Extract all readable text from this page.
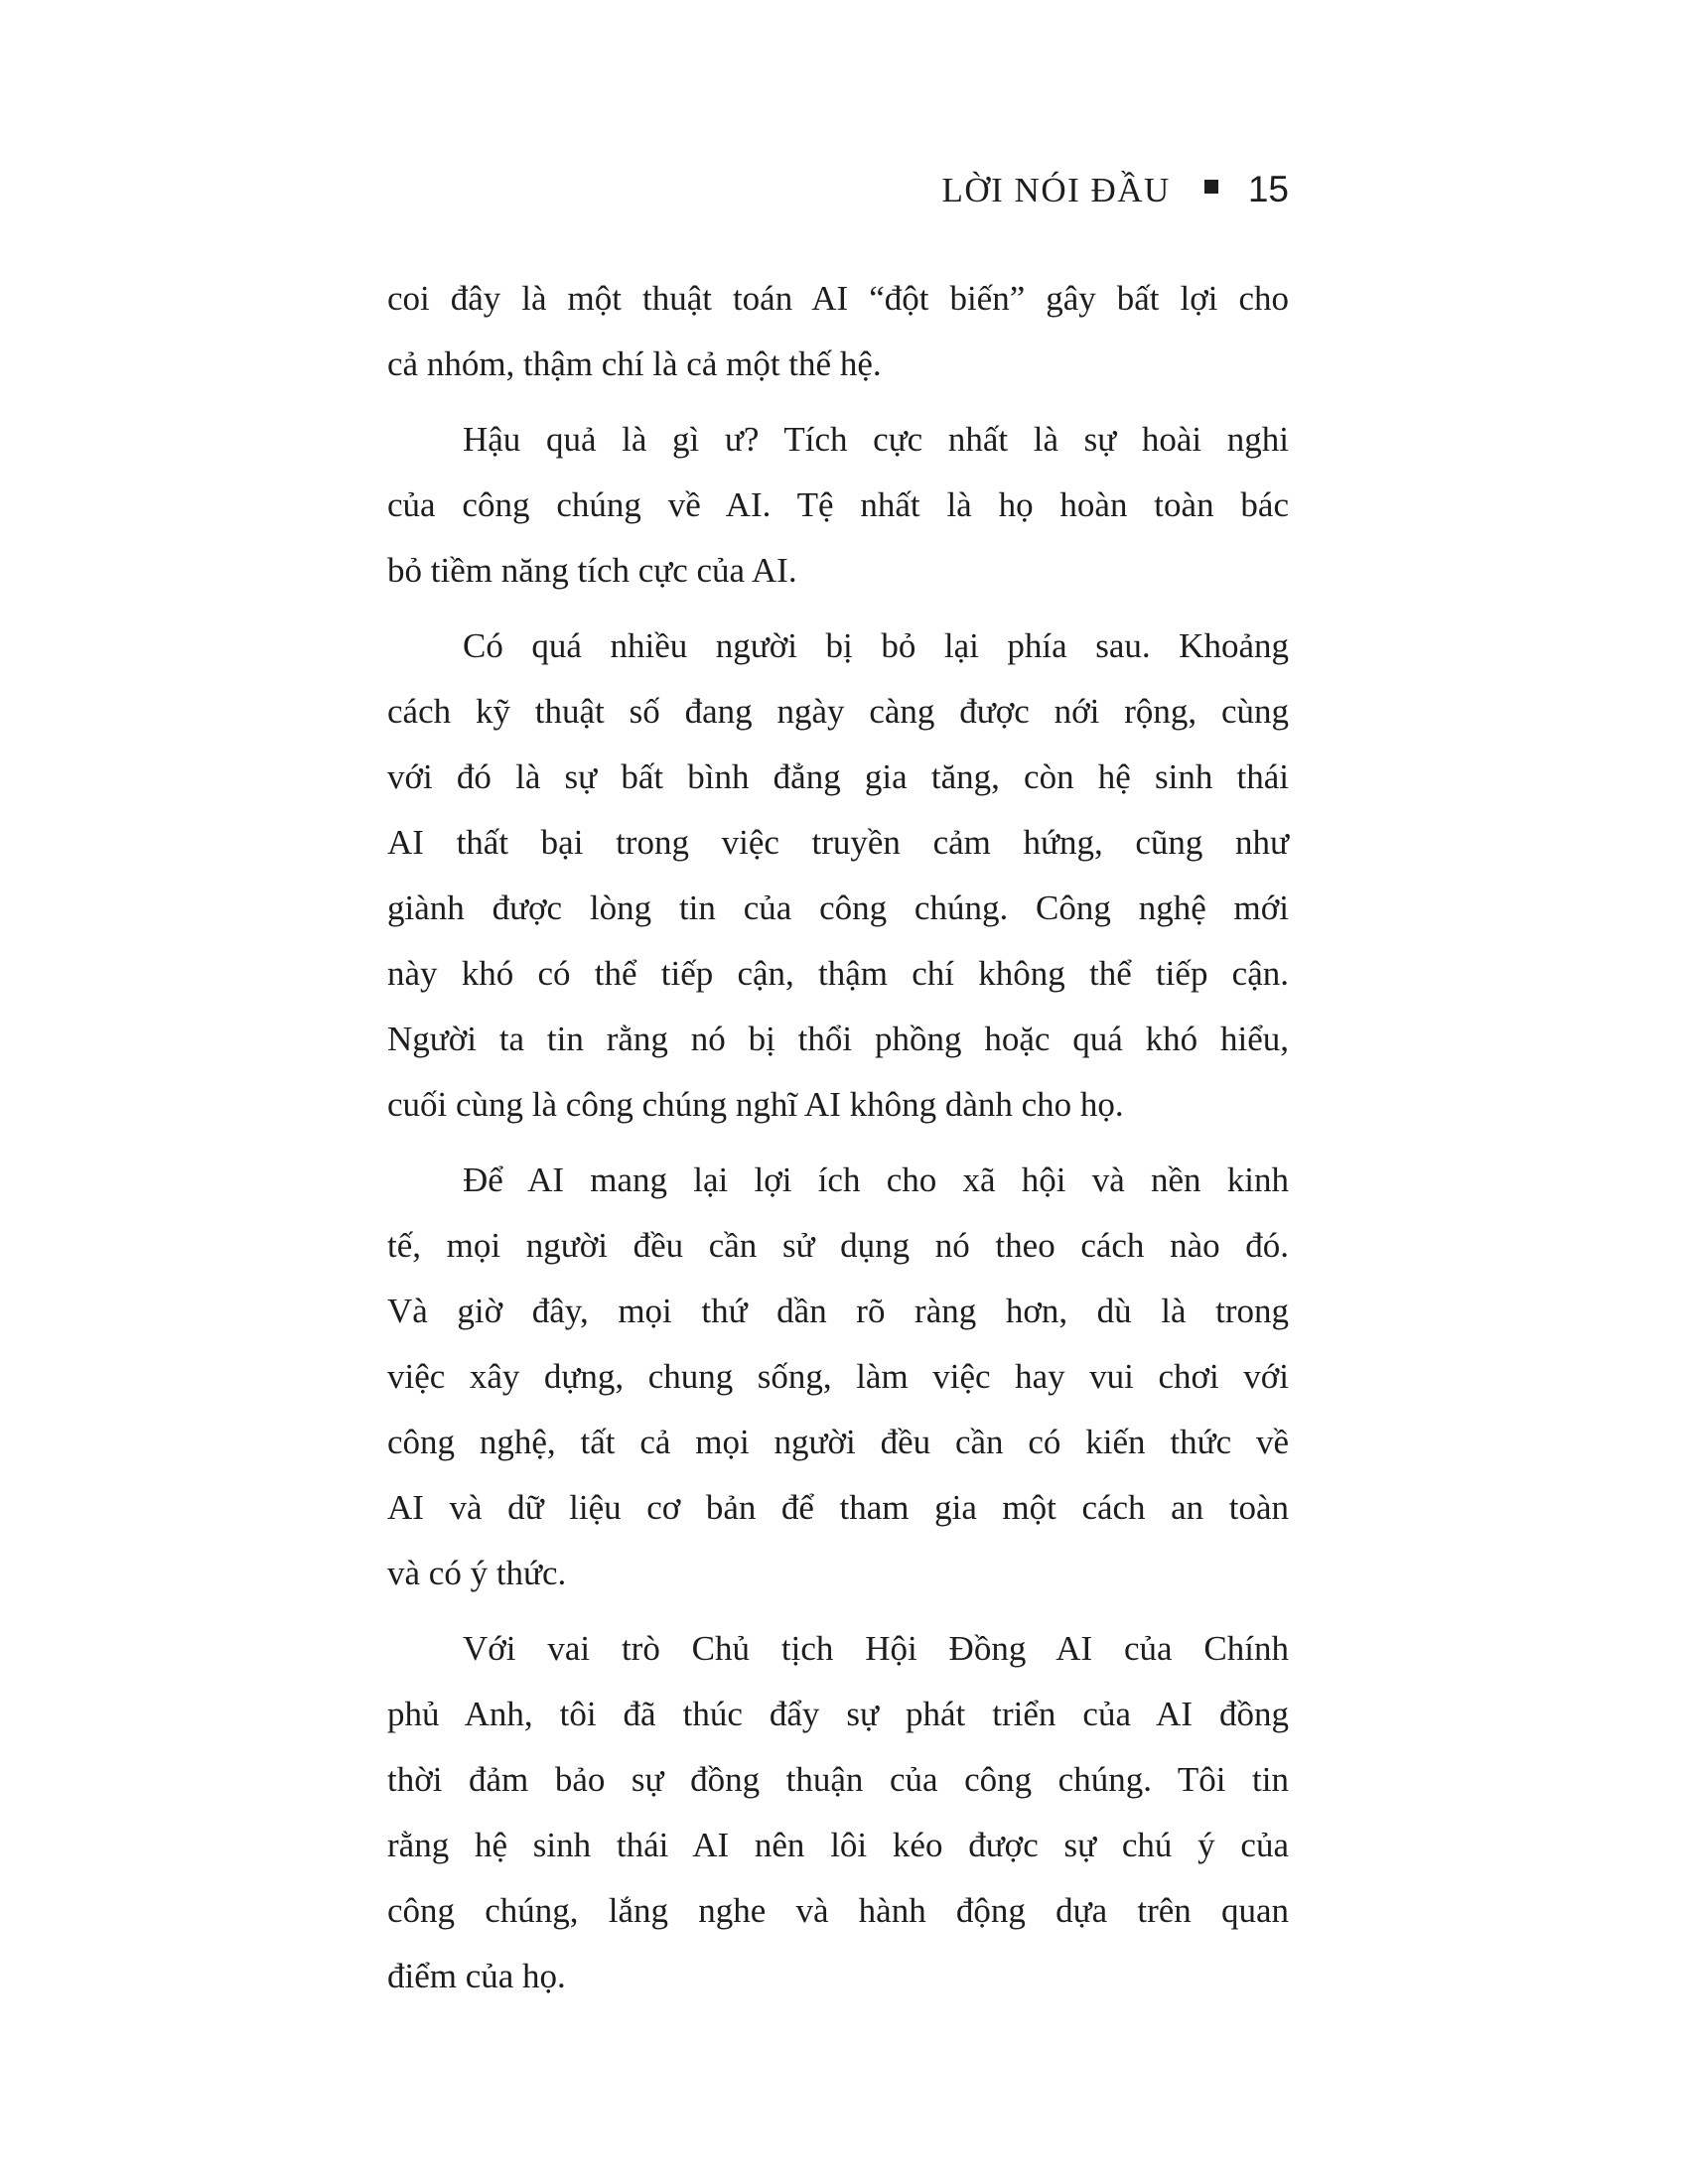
LỜI NÓI ĐẦU 15
coi đây là một thuật toán AI “đột biến” gây bất lợi cho
cả nhóm, thậm chí là cả một thế hệ.
Hậu quả là gì ư? Tích cực nhất là sự hoài nghi
của công chúng về AI. Tệ nhất là họ hoàn toàn bác
bỏ tiềm năng tích cực của AI.
Có quá nhiều người bị bỏ lại phía sau. Khoảng
cách kỹ thuật số đang ngày càng được nới rộng, cùng
với đó là sự bất bình đẳng gia tăng, còn hệ sinh thái
AI thất bại trong việc truyền cảm hứng, cũng như
giành được lòng tin của công chúng. Công nghệ mới
này khó có thể tiếp cận, thậm chí không thể tiếp cận.
Người ta tin rằng nó bị thổi phồng hoặc quá khó hiểu,
cuối cùng là công chúng nghĩ AI không dành cho họ.
Để AI mang lại lợi ích cho xã hội và nền kinh
tế, mọi người đều cần sử dụng nó theo cách nào đó.
Và giờ đây, mọi thứ dần rõ ràng hơn, dù là trong
việc xây dựng, chung sống, làm việc hay vui chơi với
công nghệ, tất cả mọi người đều cần có kiến thức về
AI và dữ liệu cơ bản để tham gia một cách an toàn
và có ý thức.
Với vai trò Chủ tịch Hội Đồng AI của Chính
phủ Anh, tôi đã thúc đẩy sự phát triển của AI đồng
thời đảm bảo sự đồng thuận của công chúng. Tôi tin
rằng hệ sinh thái AI nên lôi kéo được sự chú ý của
công chúng, lắng nghe và hành động dựa trên quan
điểm của họ.
